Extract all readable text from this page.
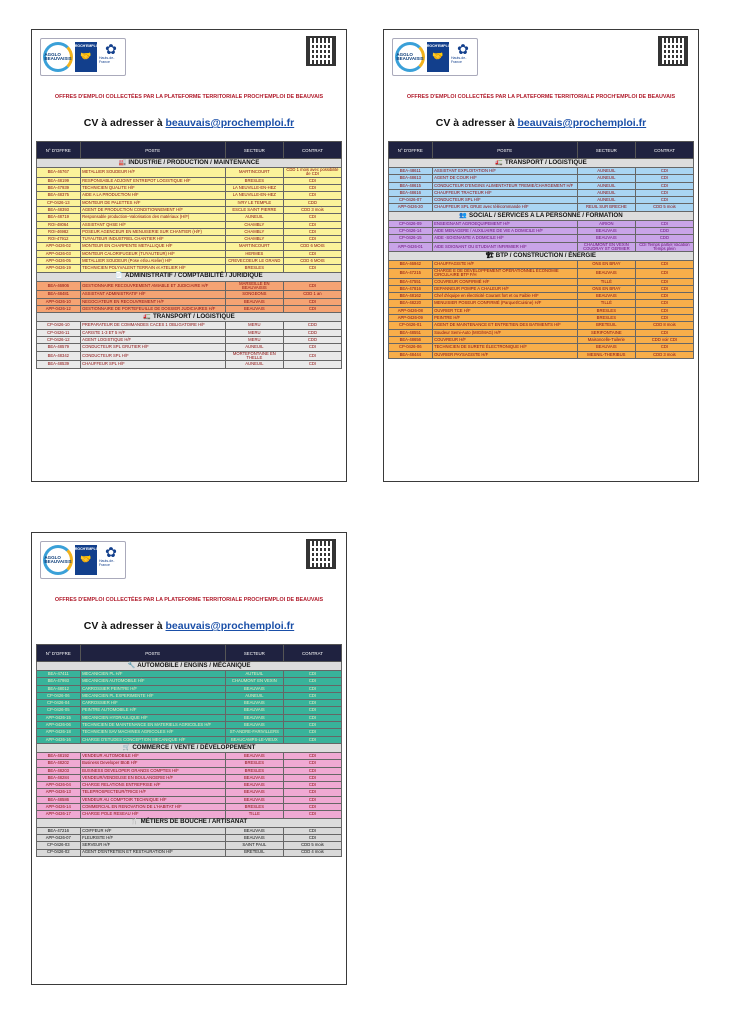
AGGLO BEAUVAISIS
PROCH'EMPLOI
🤝 ✿
Hauts-de-France
OFFRES D'EMPLOI COLLECTÉES PAR LA PLATEFORME TERRITORIALE PROCH'EMPLOI DE BEAUVAIS
CV à adresser à beauvais@prochemploi.fr
N° D'OFFRE	POSTE	SECTEUR	CONTRAT
🏭 INDUSTRIE / PRODUCTION / MAINTENANCE			
BEA-46767	METALLIER SOUDEUR H/F	MARTINCOURT	CDD 1 mois avec possibilité de CDI
BEA-48199	RESPONSABLE ADJOINT ENTREPOT LOGISTIQUE H/F	BRESLES	CDI
BEA-47939	TECHNICIEN QUALITE H/F	LA NEUVILLE-EN-HEZ	CDI
BEA-48375	AIDE A LA PRODUCTION H/F	LA NEUVILLE-EN-HEZ	CDI
CP-0426-13	MONTEUR DE PALETTES H/F	IVRY LE TEMPLE	CDD
BEA-48393	AGENT DE PRODUCTION CONDITIONNEMENT H/F	ESCLE SAINT PIERRE	CDD 3 mois
BEA-48719	Responsable production–Valorisation des matériaux (H/F)	AUNEUIL	CDI
ROI-48064	ASSISTANT QHSE H/F	CHAMBLY	CDI
ROI-46982	POSEUR AGENCEUR EN MENUISERIE SUR CHANTIER (H/F)	CHAMBLY	CDI
ROI-47912	TUYAUTEUR INDUSTRIEL CHANTIER H/F	CHAMBLY	CDI
APP-0426-02	MONTEUR EN CHARPENTE METALLIQUE H/F	MARTINCOURT	CDD 6 MOIS
APP-0426-03	MONTEUR CALORIFUGEUR (TUYAUTEUR) H/F	HERMES	CDI
APP-0426-05	METALLIER SOUDEUR (Pose et/ou Atelier) H/F	CREVECOEUR LE GRAND	CDD 6 MOIS
APP-0426-19	TECHNICIEN POLYVALENT TERRAIN et ATELIER H/F	BRESLES	CDI
📄 ADMINISTRATIF / COMPTABILITÉ / JURIDIQUE			
BEA-46906	GESTIONNAIRE RECOUVREMENT AMIABLE ET JUDICIAIRE H/F	MARSEILLE EN BEAUVAISIS	CDI
BEA-48481	ASSISTANT ADMINISTRATIF H/F	SONGEONS	CDD 1 an
APP-0426-10	NEGOCIATEUR EN RECOUVREMENT H/F	BEAUVAIS	CDI
APP-0426-12	GESTIONNAIRE DE PORTEFEUILLE DE DOSSIER JUDICIAIRES H/F	BEAUVAIS	CDI
🚛 TRANSPORT / LOGISTIQUE			
CP-0426-10	PREPARATEUR DE COMMANDES CACES 1 OBLIGATOIRE H/F	MERU	CDD
CP-0426-11	CARISTE 1-3 ET 5 H/F	MERU	CDD
CP-0426-12	AGENT LOGISTIQUE H/F	MERU	CDD
BEA-48579	CONDUCTEUR SPL GRUTIER H/F	AUNEUIL	CDI
BEA-48342	CONDUCTEUR SPL H/F	MORTEFONTAINE EN THELLE	CDI
BEA-48539	CHAUFFEUR SPL H/F	AUNEUIL	CDI
AGGLO BEAUVAISIS
PROCH'EMPLOI
🤝 ✿
Hauts-de-France
OFFRES D'EMPLOI COLLECTÉES PAR LA PLATEFORME TERRITORIALE PROCH'EMPLOI DE BEAUVAIS
CV à adresser à beauvais@prochemploi.fr
N° D'OFFRE	POSTE	SECTEUR	CONTRAT
🚛 TRANSPORT / LOGISTIQUE			
BEA-48611	ASSISTANT EXPLOITATION H/F	AUNEUIL	CDI
BEA-48613	AGENT DE COUR H/F	AUNEUIL	CDI
BEA-48615	CONDUCTEUR D'ENGINS ALIMENTATEUR TREMIE/CHARGEMENT H/F	AUNEUIL	CDI
BEA-48616	CHAUFFEUR TRACTEUR H/F	AUNEUIL	CDI
CP-0426-07	CONDUCTEUR SPL H/F	AUNEUIL	CDI
APP-0426-20	CHAUFFEUR SPL GRUE avec télécommande H/F	REUIL SUR BRECHE	CDD 5 mois
👥 SOCIAL / SERVICES A LA PERSONNE / FORMATION			
CP-0426-09	ENSEIGNANT AGROEQUIPEMENT H/F	AIRION	CDI
CP-0426-14	AIDE MENAGERE / AUXILIAIRE DE VIE A DOMICILE H/F	BEAUVAIS	CDD
CP-0426-15	AIDE -SOIGNANTE A DOMICILE H/F	BEAUVAIS	CDD
APP-0426-01	AIDE SOIGNANT OU ETUDIANT INFIRMIER H/F	CHAUMONT EN VEXIN COUDRAY ST GERMER	CDI Temps partiel Vacation Temps plein
🏗 BTP / CONSTRUCTION / ÉNERGIE			
BEA-46942	CHAUFFAGISTE H/F	ONS EN BRAY	CDI
BEA-47215	CHARGÉ E DE DÉVELOPPEMENT OPÉRATIONNEL ÉCONOMIE CIRCULAIRE BTP F/H	BEAUVAIS	CDI
BEA-47551	COUVREUR CONFIRMÉ H/F	TILLÉ	CDI
BEA-47816	DEPANNEUR POMPE A CHALEUR H/F	ONS EN BRAY	CDI
BEA-48162	Chef d'équipe en électricité Courant fort et ou Faible H/F	BEAUVAIS	CDI
BEA-48220	MENUISIER POSEUR CONFIRMÉ (Parquet/Cuisine) H/F	TILLÉ	CDI
APP-0426-08	OUVRIER TCE H/F	BRESLES	CDI
APP-0426-09	PEINTRE H/F	BRESLES	CDI
CP-0426-01	AGENT DE MAINTENANCE ET ENTRETIEN DES BATIMENTS H/F	BRETEUIL	CDD 8 mois
BEA-48551	Soudeur Semi-Auto (MIG/MAG) H/F	SERIFONTAINE	CDI
BEA-48656	COUVREUR H/F	Maisoncelle-Tuilerie	CDD voir CDI
CP-0426-06	TECHNICIEN DE SURETE ÉLECTRONIQUE H/F	BEAUVAIS	CDI
BEA-48444	OUVRIER PAYSAGISTE H/F	MESNIL-THERIBUS	CDD 3 mois
AGGLO BEAUVAISIS
PROCH'EMPLOI
🤝 ✿
Hauts-de-France
OFFRES D'EMPLOI COLLECTÉES PAR LA PLATEFORME TERRITORIALE PROCH'EMPLOI DE BEAUVAIS
CV à adresser à beauvais@prochemploi.fr
N° D'OFFRE	POSTE	SECTEUR	CONTRAT
🔧 AUTOMOBILE / ENGINS / MÉCANIQUE			
BEA-47411	MECANICIEN PL H/F	AUTEUIL	CDI
BEA-47993	MECANICIEN AUTOMOBILE H/F	CHAUMONT EN VEXIN	CDI
BEA-48012	CARROSSIER PEINTRE H/F	BEAUVAIS	CDI
CP-0426-06	MECANICIEN PL EXPERIMENTE H/F	AUNEUIL	CDI
CP-0426-04	CARROSSIER H/F	BEAUVAIS	CDI
CP-0426-05	PEINTRE AUTOMOBILE H/F	BEAUVAIS	CDI
APP-0426-15	MECANICIEN HYDRAULIQUE H/F	BEAUVAIS	CDI
APP-0426-06	TECHNICIEN DE MAINTENANCE EN MATERIELS AGRICOLES H/F	BEAUVAIS	CDI
APP-0426-18	TECHNICIEN SAV MACHINES AGRICOLES H/F	ST-ANDRE-FARIVILLERS	CDI
APP-0426-16	CHARGE D'ETUDES CONCEPTION MECANIQUE H/F	BEAUCAMPS-LE-VIEUX	CDI
🛒 COMMERCE / VENTE / DÉVELOPPEMENT			
BEA-48192	VENDEUR AUTOMOBILE H/F	BEAUVAIS	CDI
BEA-48202	Business Developer BtoB H/F	BRESLES	CDI
BEA-48203	BUSINESS DEVELOPER GRANDS COMPTES H/F	BRESLES	CDI
BEA-48284	VENDEUR/VENDEUSE EN BOULANGERIE H/F	BEAUVAIS	CDI
APP-0426-04	CHARGE RELATIONS ENTREPRISE H/F	BEAUVAIS	CDI
APP-0426-13	TELEPROSPECTEUR/TRICE H/F	BEAUVAIS	CDI
BEA-48586	VENDEUR AU COMPTOIR TECHNIQUE H/F	BEAUVAIS	CDI
APP-0426-14	COMMERCIAL EN RENOVATION DE L'HABITAT H/F	BRESLES	CDI
APP-0426-17	CHARGE POLE RESEAU H/F	TILLE	CDI
🍴 MÉTIERS DE BOUCHE / ARTISANAT			
BEA-47216	COIFFEUR H/F	BEAUVAIS	CDI
APP-0426-07	FLEURISTE H/F	BEAUVAIS	CDI
CP-0426-03	SERVEUR H/F	SAINT PAUL	CDD 5 mois
CP-0426-02	AGENT D'ENTRETIEN ET RESTAURATION H/F	BRETEUIL	CDD 4 mois
